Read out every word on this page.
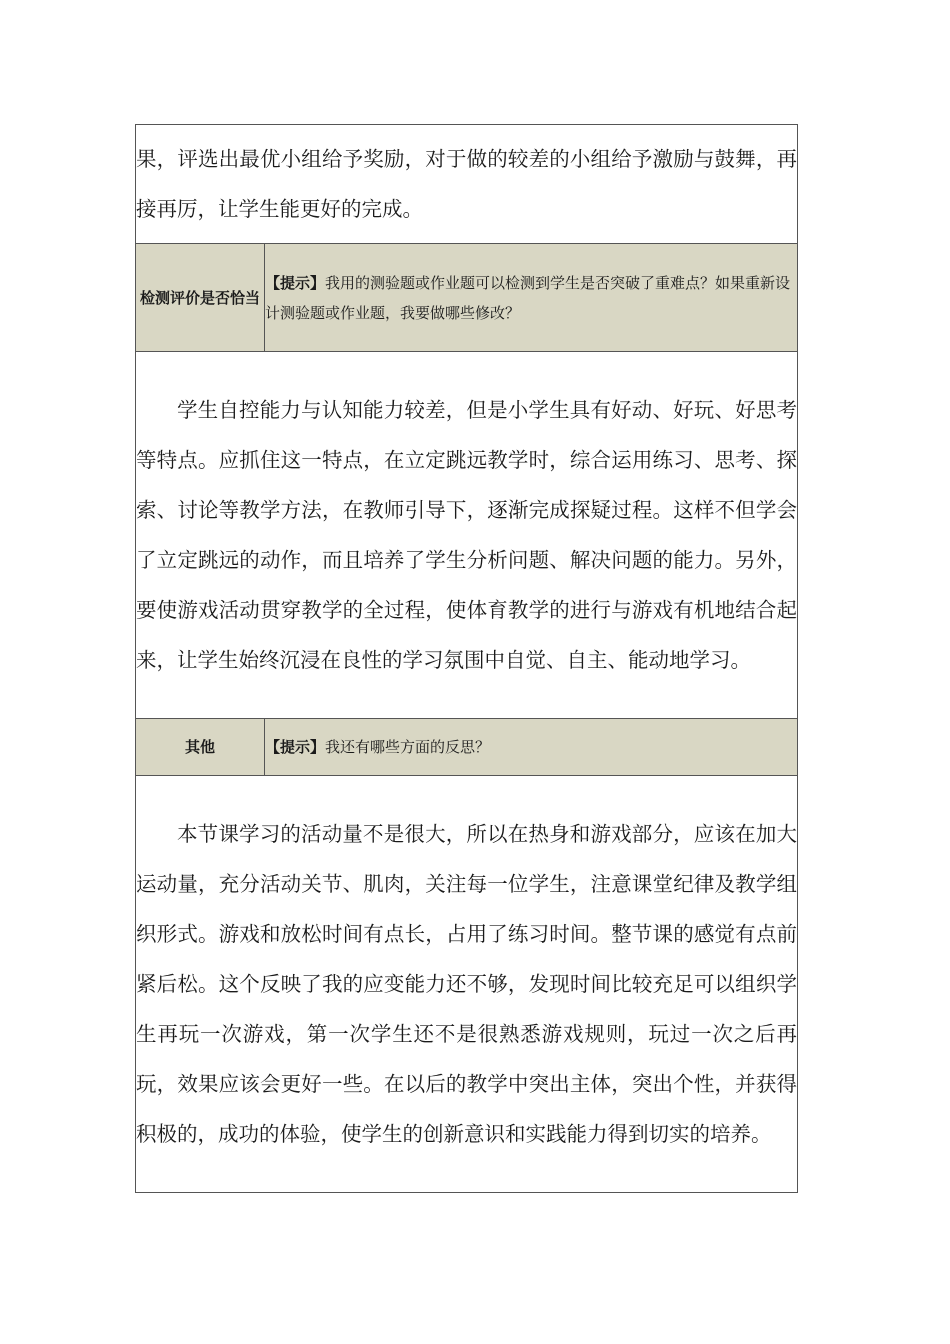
果，评选出最优小组给予奖励，对于做的较差的小组给予激励与鼓舞，再接再厉，让学生能更好的完成。	

检测评价是否恰当	【提示】我用的测验题或作业题可以检测到学生是否突破了重难点？如果重新设计测验题或作业题，我要做哪些修改？

学生自控能力与认知能力较差，但是小学生具有好动、好玩、好思考等特点。应抓住这一特点，在立定跳远教学时，综合运用练习、思考、探索、讨论等教学方法，在教师引导下，逐渐完成探疑过程。这样不但学会了立定跳远的动作，而且培养了学生分析问题、解决问题的能力。另外，要使游戏活动贯穿教学的全过程，使体育教学的进行与游戏有机地结合起来，让学生始终沉浸在良性的学习氛围中自觉、自主、能动地学习。	

其他	【提示】我还有哪些方面的反思？

本节课学习的活动量不是很大，所以在热身和游戏部分，应该在加大运动量，充分活动关节、肌肉，关注每一位学生，注意课堂纪律及教学组织形式。游戏和放松时间有点长，占用了练习时间。整节课的感觉有点前紧后松。这个反映了我的应变能力还不够，发现时间比较充足可以组织学生再玩一次游戏，第一次学生还不是很熟悉游戏规则，玩过一次之后再玩，效果应该会更好一些。在以后的教学中突出主体，突出个性，并获得积极的，成功的体验，使学生的创新意识和实践能力得到切实的培养。	
